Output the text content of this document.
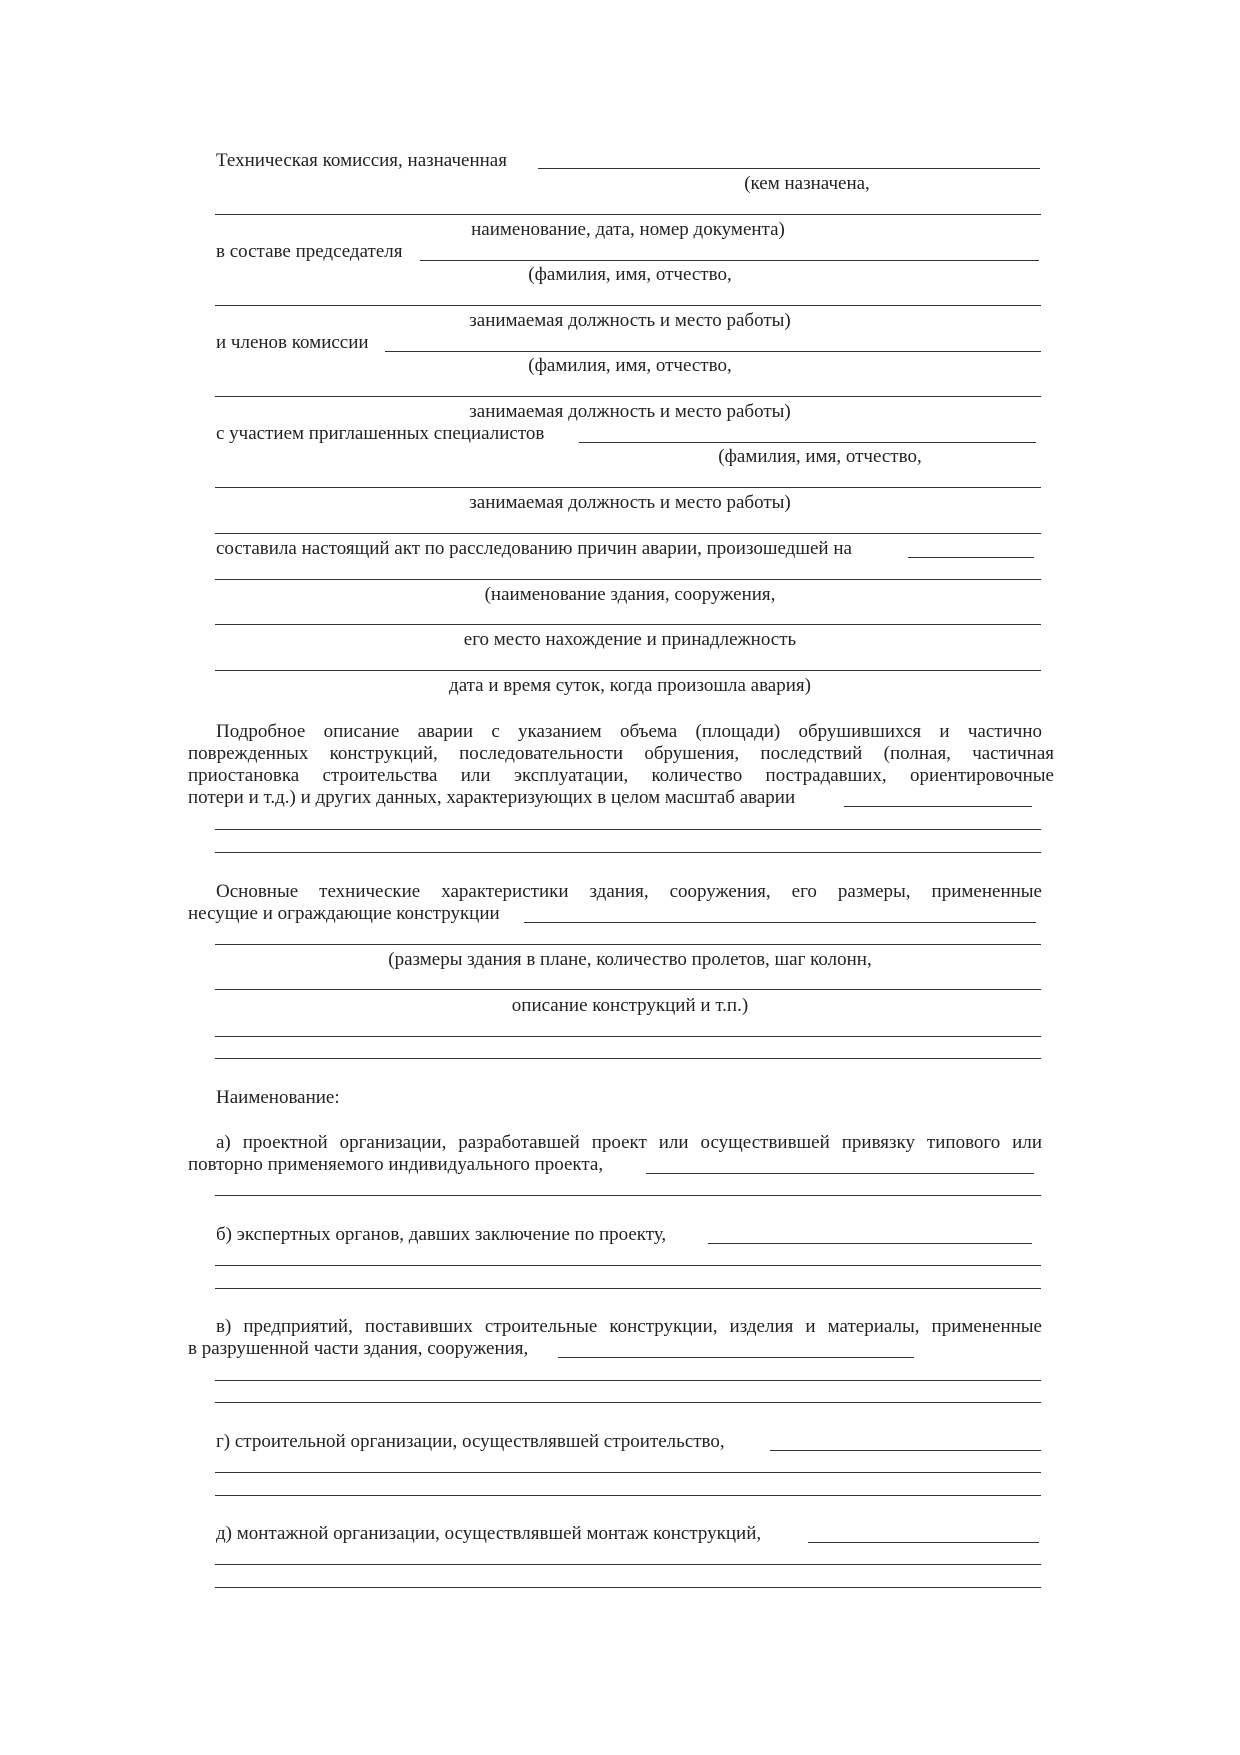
Техническая комиссия, назначенная
(кем назначена,
наименование, дата, номер документа)
в составе председателя
(фамилия, имя, отчество,
занимаемая должность и место работы)
и членов комиссии
(фамилия, имя, отчество,
занимаемая должность и место работы)
с участием приглашенных специалистов
(фамилия, имя, отчество,
занимаемая должность и место работы)
составила настоящий акт по расследованию причин аварии, произошедшей на
(наименование здания, сооружения,
его место нахождение и принадлежность
дата и время суток, когда произошла авария)
Подробное описание аварии с указанием объема (площади) обрушившихся и частично
поврежденных конструкций, последовательности обрушения, последствий (полная, частичная
приостановка строительства или эксплуатации, количество пострадавших, ориентировочные
потери и т.д.) и других данных, характеризующих в целом масштаб аварии
Основные технические характеристики здания, сооружения, его размеры, примененные
несущие и ограждающие конструкции
(размеры здания в плане, количество пролетов, шаг колонн,
описание конструкций и т.п.)
Наименование:
а) проектной организации, разработавшей проект или осуществившей привязку типового или
повторно применяемого индивидуального проекта,
б) экспертных органов, давших заключение по проекту,
в) предприятий, поставивших строительные конструкции, изделия и материалы, примененные
в разрушенной части здания, сооружения,
г) строительной организации, осуществлявшей строительство,
д) монтажной организации, осуществлявшей монтаж конструкций,
